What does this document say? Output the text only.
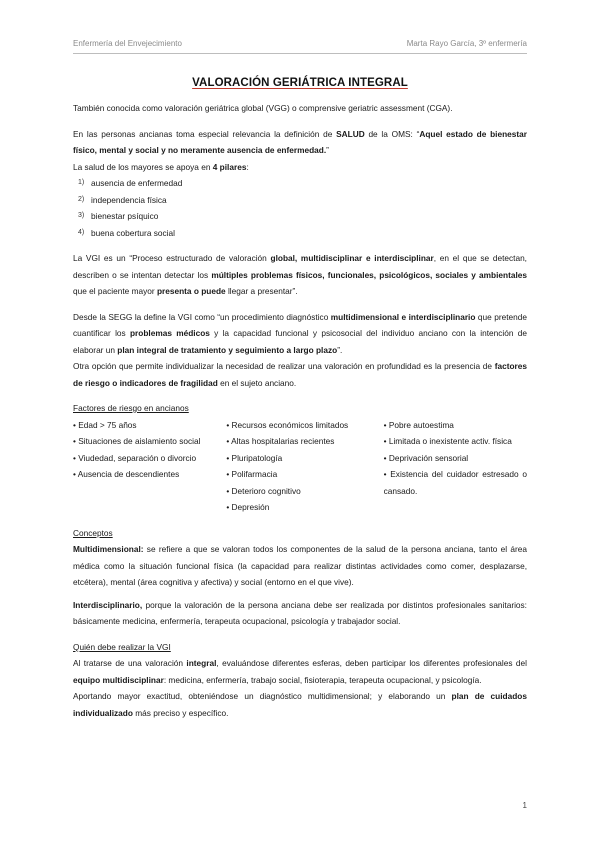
Enfermería del Envejecimiento	Marta Rayo García, 3º enfermería
VALORACIÓN GERIÁTRICA INTEGRAL

También conocida como valoración geriátrica global (VGG) o comprensive geriatric assessment (CGA).

En las personas ancianas toma especial relevancia la definición de SALUD de la OMS: “Aquel estado de bienestar físico, mental y social y no meramente ausencia de enfermedad.”

La salud de los mayores se apoya en 4 pilares:

1) ausencia de enfermedad
2) independencia física
3) bienestar psíquico
4) buena cobertura social

La VGI es un “Proceso estructurado de valoración global, multidisciplinar e interdisciplinar, en el que se detectan, describen o se intentan detectar los múltiples problemas físicos, funcionales, psicológicos, sociales y ambientales que el paciente mayor presenta o puede llegar a presentar”.

Desde la SEGG la define la VGI como “un procedimiento diagnóstico multidimensional e interdisciplinario que pretende cuantificar los problemas médicos y la capacidad funcional y psicosocial del individuo anciano con la intención de elaborar un plan integral de tratamiento y seguimiento a largo plazo”.

Otra opción que permite individualizar la necesidad de realizar una valoración en profundidad es la presencia de factores de riesgo o indicadores de fragilidad en el sujeto anciano.

Factores de riesgo en ancianos
• Edad > 75 años
• Situaciones de aislamiento social
• Viudedad, separación o divorcio
• Ausencia de descendientes
• Recursos económicos limitados
• Altas hospitalarias recientes
• Pluripatología
• Polifarmacia
• Deterioro cognitivo
• Depresión
• Pobre autoestima
• Limitada o inexistente activ. física
• Deprivación sensorial
• Existencia del cuidador estresado o cansado.
Conceptos

Multidimensional: se refiere a que se valoran todos los componentes de la salud de la persona anciana, tanto el área médica como la situación funcional física (la capacidad para realizar distintas actividades como comer, desplazarse, etcétera), mental (área cognitiva y afectiva) y social (entorno en el que vive).

Interdisciplinario, porque la valoración de la persona anciana debe ser realizada por distintos profesionales sanitarios: básicamente medicina, enfermería, terapeuta ocupacional, psicología y trabajador social.

Quién debe realizar la VGI

Al tratarse de una valoración integral, evaluándose diferentes esferas, deben participar los diferentes profesionales del equipo multidisciplinar: medicina, enfermería, trabajo social, fisioterapia, terapeuta ocupacional, y psicología.

Aportando mayor exactitud, obteniéndose un diagnóstico multidimensional; y elaborando un plan de cuidados individualizado más preciso y específico.

1
